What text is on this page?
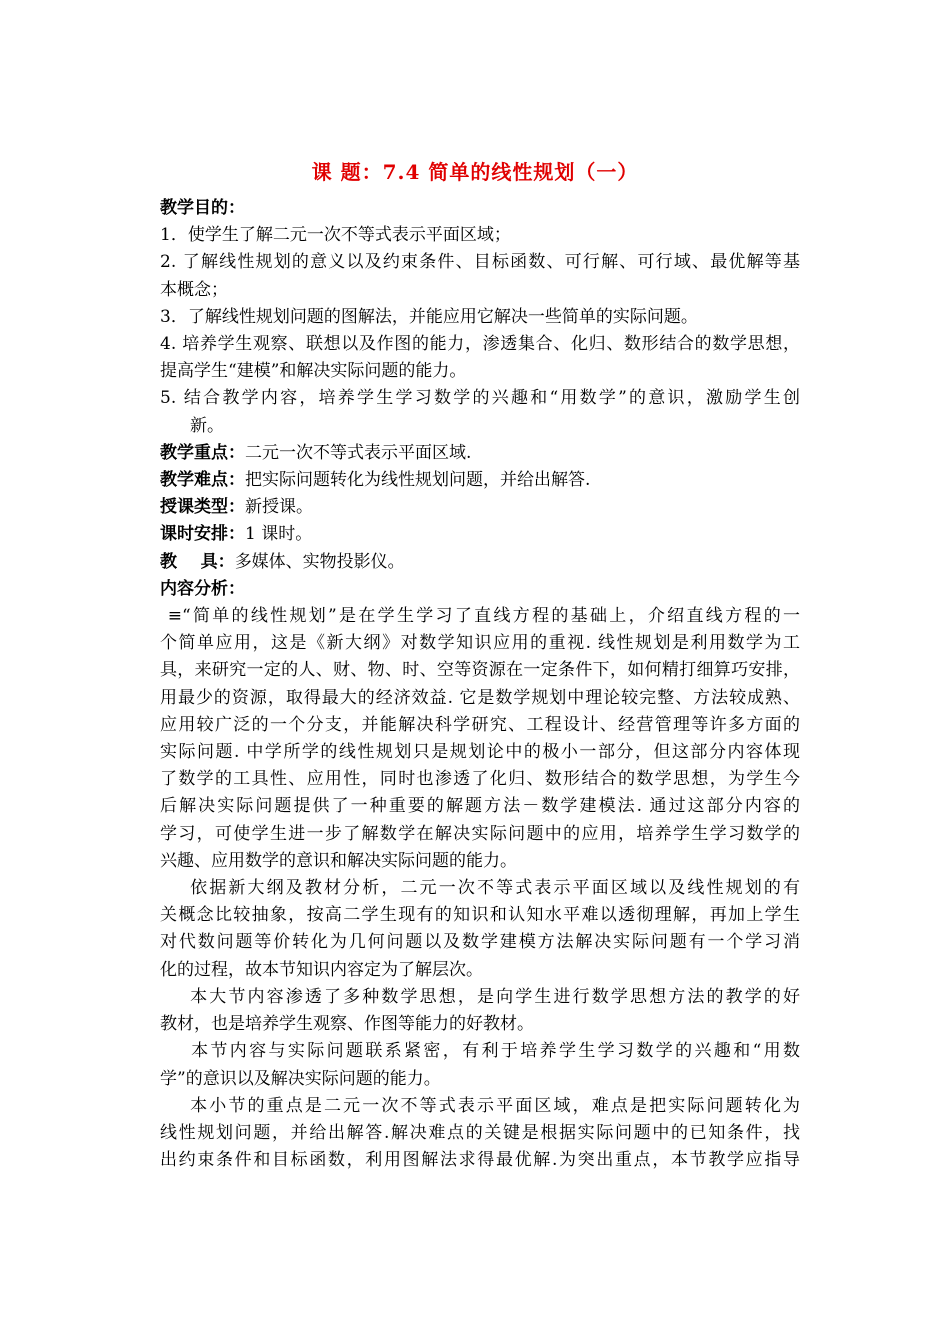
课 题：7.4 简单的线性规划（一）
教学目的：
1．使学生了解二元一次不等式表示平面区域；
2. 了解线性规划的意义以及约束条件、目标函数、可行解、可行域、最优解等基
本概念；
3．了解线性规划问题的图解法，并能应用它解决一些简单的实际问题。
4. 培养学生观察、联想以及作图的能力，渗透集合、化归、数形结合的数学思想，
提高学生“建模”和解决实际问题的能力。
5. 结合教学内容，培养学生学习数学的兴趣和“用数学”的意识，激励学生创
新。
教学重点：二元一次不等式表示平面区域.
教学难点：把实际问题转化为线性规划问题，并给出解答.
授课类型：新授课。
课时安排：1 课时。
教    具：多媒体、实物投影仪。
内容分析：
≡“简单的线性规划”是在学生学习了直线方程的基础上，介绍直线方程的一
个简单应用，这是《新大纲》对数学知识应用的重视. 线性规划是利用数学为工
具，来研究一定的人、财、物、时、空等资源在一定条件下，如何精打细算巧安排，
用最少的资源，取得最大的经济效益. 它是数学规划中理论较完整、方法较成熟、
应用较广泛的一个分支，并能解决科学研究、工程设计、经营管理等许多方面的
实际问题. 中学所学的线性规划只是规划论中的极小一部分，但这部分内容体现
了数学的工具性、应用性，同时也渗透了化归、数形结合的数学思想，为学生今
后解决实际问题提供了一种重要的解题方法－数学建模法. 通过这部分内容的
学习，可使学生进一步了解数学在解决实际问题中的应用，培养学生学习数学的
兴趣、应用数学的意识和解决实际问题的能力。
依据新大纲及教材分析，二元一次不等式表示平面区域以及线性规划的有
关概念比较抽象，按高二学生现有的知识和认知水平难以透彻理解，再加上学生
对代数问题等价转化为几何问题以及数学建模方法解决实际问题有一个学习消
化的过程，故本节知识内容定为了解层次。
本大节内容渗透了多种数学思想，是向学生进行数学思想方法的教学的好
教材，也是培养学生观察、作图等能力的好教材。
本节内容与实际问题联系紧密，有利于培养学生学习数学的兴趣和“用数
学”的意识以及解决实际问题的能力。
本小节的重点是二元一次不等式表示平面区域，难点是把实际问题转化为
线性规划问题，并给出解答.解决难点的关键是根据实际问题中的已知条件，找
出约束条件和目标函数，利用图解法求得最优解.为突出重点，本节教学应指导
